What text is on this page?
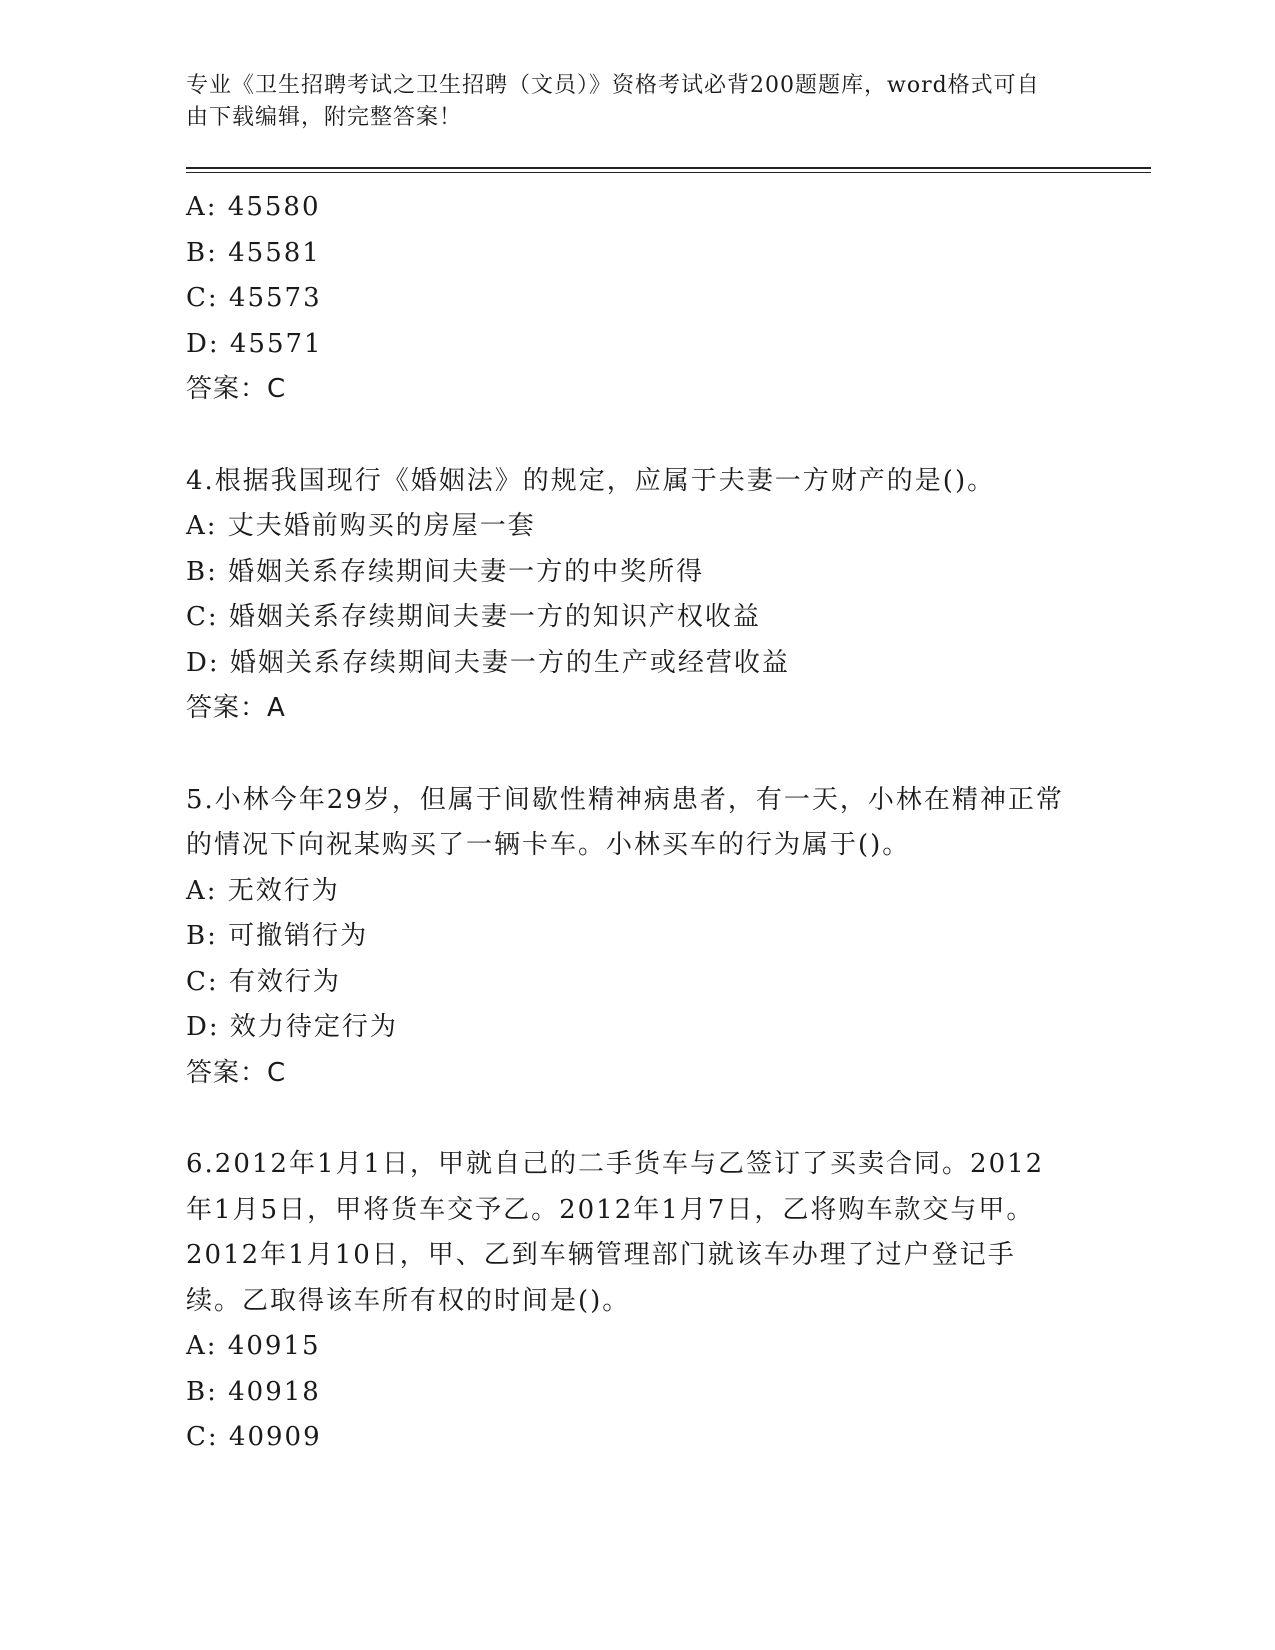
专业《卫生招聘考试之卫生招聘（文员）》资格考试必背200题题库，word格式可自由下载编辑，附完整答案！
A: 45580
B: 45581
C: 45573
D: 45571
答案：C
4.根据我国现行《婚姻法》的规定，应属于夫妻一方财产的是()。
A: 丈夫婚前购买的房屋一套
B: 婚姻关系存续期间夫妻一方的中奖所得
C: 婚姻关系存续期间夫妻一方的知识产权收益
D: 婚姻关系存续期间夫妻一方的生产或经营收益
答案：A
5.小林今年29岁，但属于间歇性精神病患者，有一天，小林在精神正常的情况下向祝某购买了一辆卡车。小林买车的行为属于()。
A: 无效行为
B: 可撤销行为
C: 有效行为
D: 效力待定行为
答案：C
6.2012年1月1日，甲就自己的二手货车与乙签订了买卖合同。2012年1月5日，甲将货车交予乙。2012年1月7日，乙将购车款交与甲。2012年1月10日，甲、乙到车辆管理部门就该车办理了过户登记手续。乙取得该车所有权的时间是()。
A: 40915
B: 40918
C: 40909
